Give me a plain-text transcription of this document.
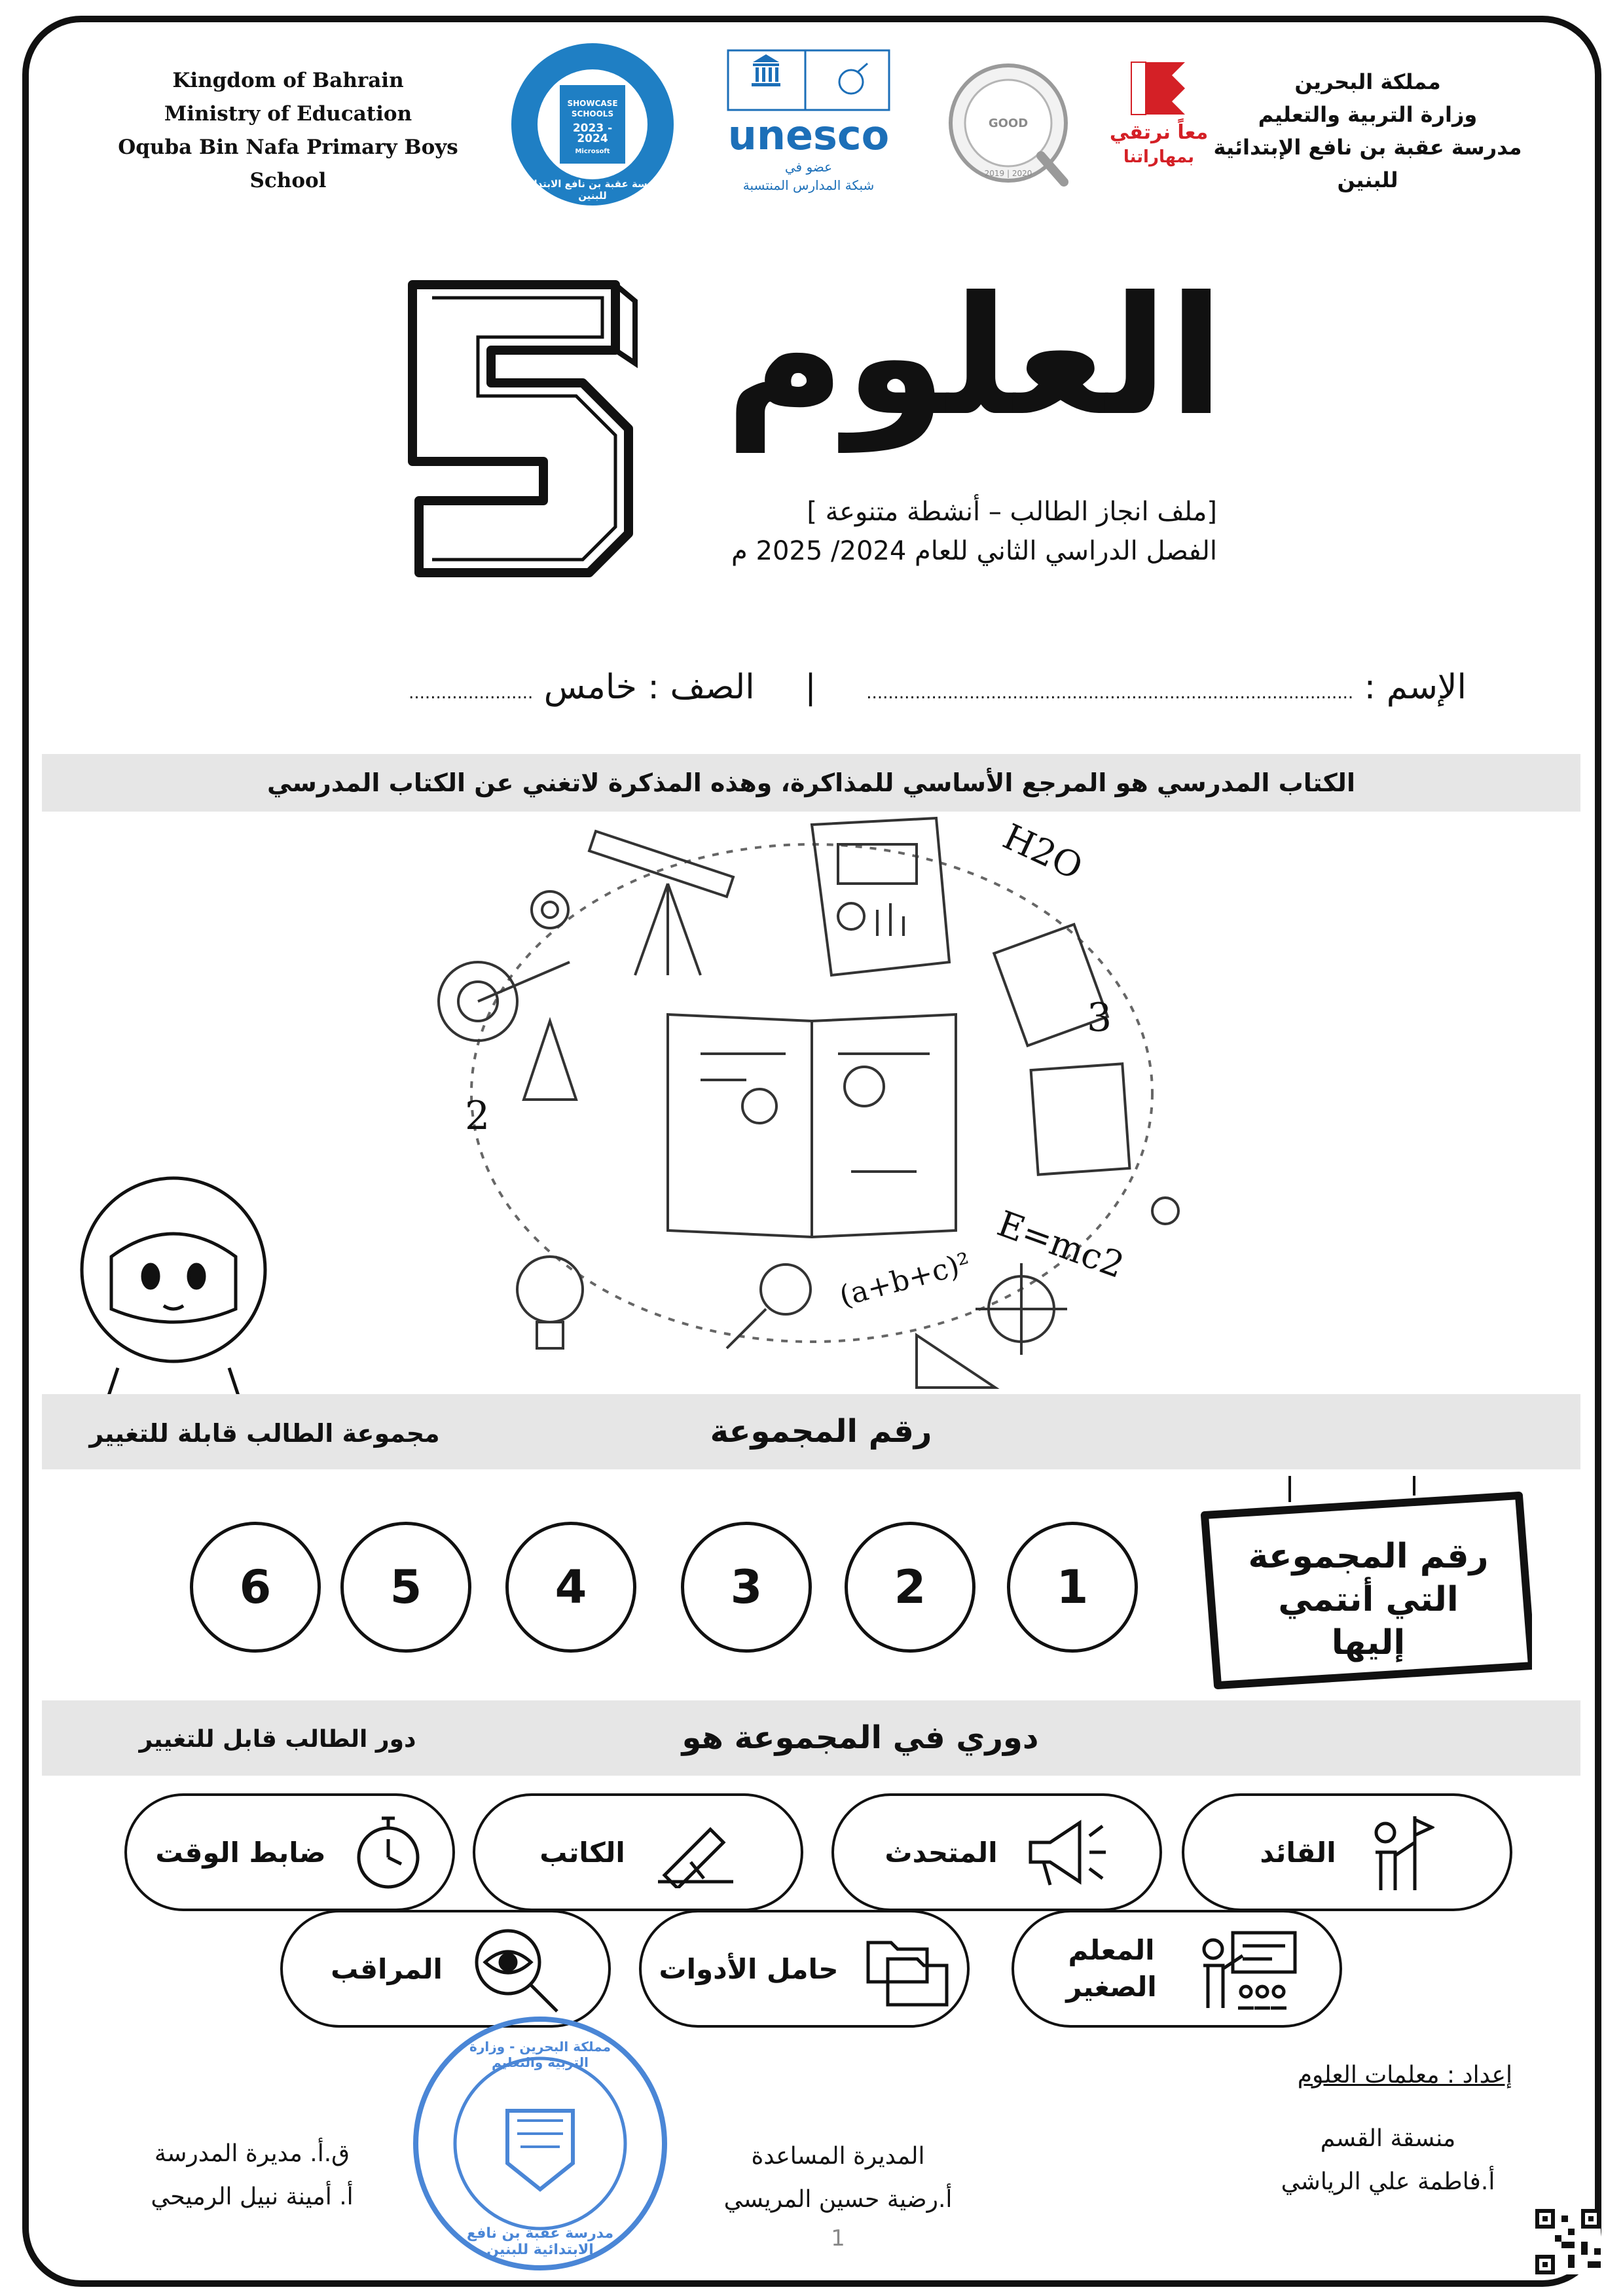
Kingdom of Bahrain
Ministry of Education
Oquba Bin Nafa Primary Boys School
مملكة البحرين
وزارة التربية والتعليم
مدرسة عقبة بن نافع الإبتدائية للبنين
SHOWCASE
SCHOOLS
2023 - 2024
Microsoft
مدرسة عقبة بن نافع الابتدائية للبنين
unesco
عضو في
شبكة المدارس المنتسبة
GOOD
2019 | 2020
معاً نرتقي
بمهاراتنا
العلوم
[ملف انجاز الطالب – أنشطة متنوعة ]
الفصل الدراسي الثاني للعام 2024/ 2025 م
الإسم : .......................................................................................... | الصف : خامس .......................
الكتاب المدرسي هو المرجع الأساسي للمذاكرة، وهذه المذكرة لاتغني عن الكتاب المدرسي
H2O
E=mc2
(a+b+c)²
2
3
رقم المجموعة
مجموعة الطالب قابلة للتغيير
رقم المجموعة التي أنتمي إليها
1
2
3
4
5
6
دوري في المجموعة هو
دور الطالب قابل للتغيير
القائد
المتحدث
الكاتب
ضابط الوقت
المعلم الصغير
حامل الأدوات
المراقب
إعداد : معلمات العلوم
منسقة القسم
أ.فاطمة علي الرياشي
المديرة المساعدة
أ.رضية حسين المريسي
ق.أ. مديرة المدرسة
أ. أمينة نبيل الرميحي
مملكة البحرين - وزارة التربية والتعليم
مدرسة عقبة بن نافع الابتدائية للبنين	1
